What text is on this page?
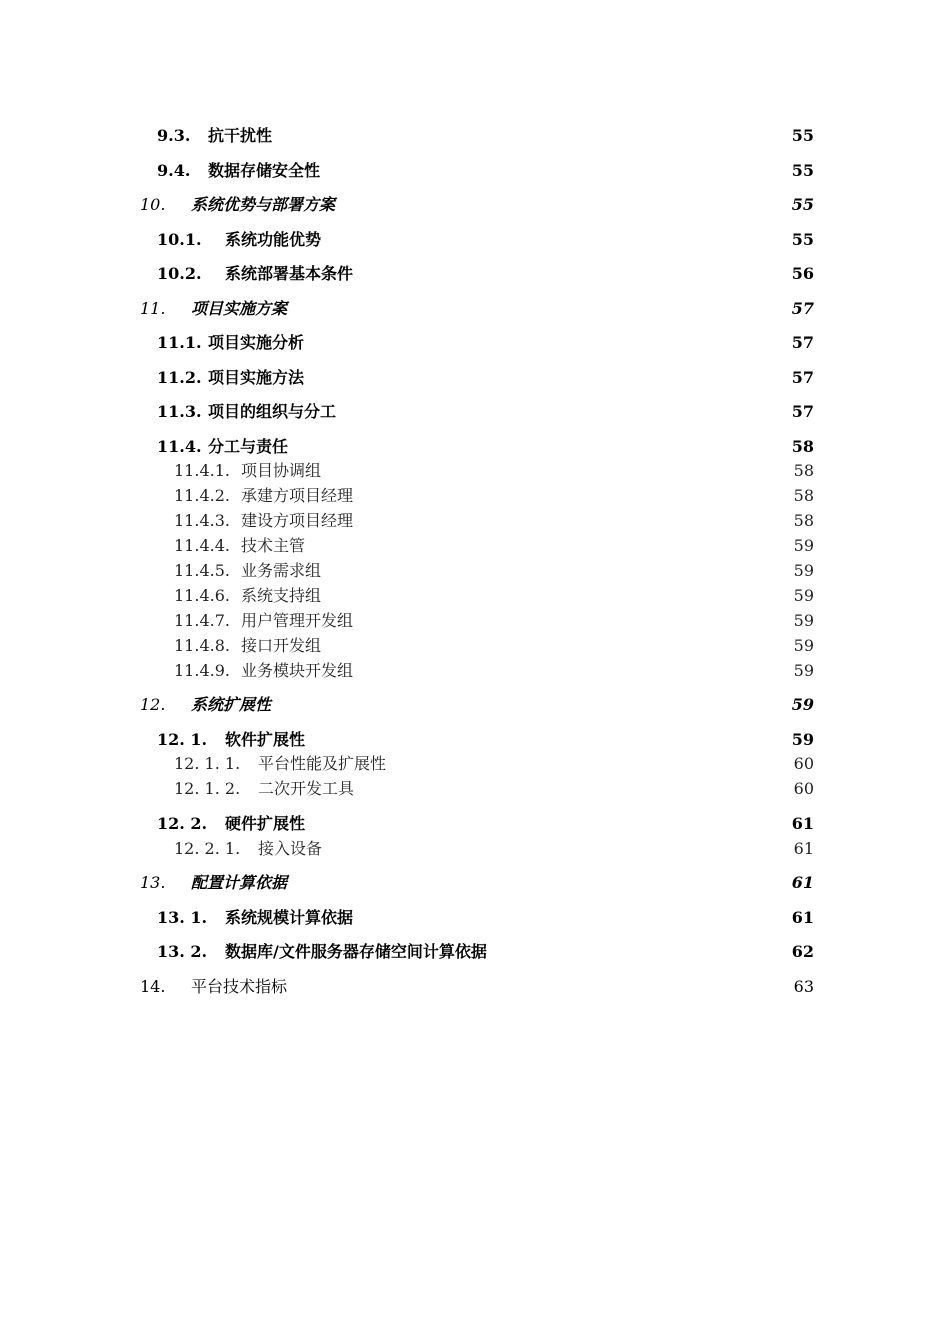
9.3. 抗干扰性	55
9.4. 数据存储安全性	55
10. 系统优势与部署方案	55
10.1. 系统功能优势	55
10.2. 系统部署基本条件	56
11. 项目实施方案	57
11.1. 项目实施分析	57
11.2. 项目实施方法	57
11.3. 项目的组织与分工	57
11.4. 分工与责任	58
11.4.1. 项目协调组	58
11.4.2. 承建方项目经理	58
11.4.3. 建设方项目经理	58
11.4.4. 技术主管	59
11.4.5. 业务需求组	59
11.4.6. 系统支持组	59
11.4.7. 用户管理开发组	59
11.4.8. 接口开发组	59
11.4.9. 业务模块开发组	59
12. 系统扩展性	59
12. 1. 软件扩展性	59
12. 1. 1. 平台性能及扩展性	60
12. 1. 2. 二次开发工具	60
12. 2. 硬件扩展性	61
12. 2. 1. 接入设备	61
13. 配置计算依据	61
13. 1. 系统规模计算依据	61
13. 2. 数据库/文件服务器存储空间计算依据	62
14. 平台技术指标	63
